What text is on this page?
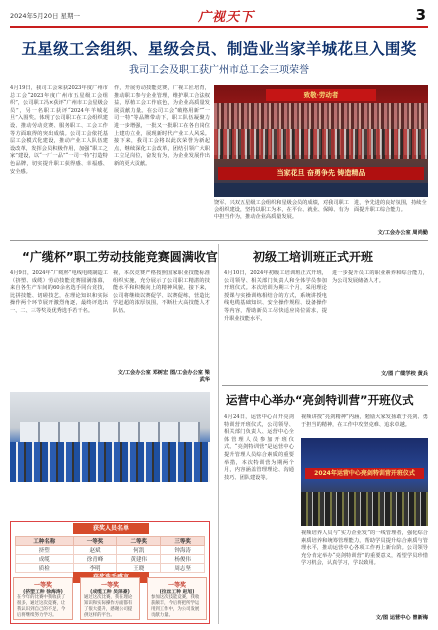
2024年5月20日 星期一	广视天下	3
五星级工会组织、星级会员、制造业当家羊城花旦入围奖
我司工会及职工获广州市总工会三项荣誉
4月19日，我司工会荣获2023年度广州市总工会“2023年度广州市五星级工会组织”，公司职工冯×获评“广州市工会星级会员”，另一名职工获评“2024年羊城花旦”入围奖。体现了公司职工在工会组织建设、推动劳动竞赛、服务职工、工会工作等方面取得的突出成绩。公司工会依托基层工会模式化建设，推动产业工人队伍建设改革，发挥会员积极作用，加强“职工之家”建设，以“一厂一品”“一司一特”打造特色品牌，切实提升职工获得感、幸福感、安全感。
作，开展劳动技能竞赛，广视工匠培育，推动职工参与企业管理，维护职工合法权益，厚植工会工作底色，为企业高质量发展贡献力量。在公司工会“破格用新”“一司一特”等品牌带动下，职工队伍凝聚力进一步增强，一批又一批职工在各自岗位上建功立业，展现新时代产业工人风采。接下来，我司工会将以此次荣誉为新起点，继续深化工会改革，团结引领广大职工立足岗位，奋发有为，为企业发展作出新的更大贡献。
致敬·劳动者
当家花旦 奋勇争先 铸造精品
饶军、兴双五星级工会组织和星级会员的成绩，对我司职工会组织建设，坚持以职工为本，在平台、就业、保障、有为中担当作为，推动企业高质量发展。
进，争先进的良好氛围，持续全面提升职工综合能力。
文/工会办公室 周尚勤
“广缆杯”职工劳动技能竞赛圆满收官
4月9日，2024年“广缆杯”电线电缆制造工（挤塑、成缆）劳动技能竞赛圆满落幕，来自各生产车间的60余名选手同台竞技，比拼技能、切磋技艺，在理论知识和实际操作两个环节展开激烈角逐，最终评选出一、二、三等奖及优秀选手若干名。
视，本次竞赛严格按照国家职业技能标准组织实施，充分展示了公司职工精湛的技能水平和积极向上的精神风貌。接下来，公司将继续以赛促学、以赛促练，营造比学赶超的浓厚氛围，不断壮大高技能人才队伍。
文/工会办公室 邓树宏 图/工会办公室 梁武华
获奖人员名单
工种名称	一等奖	二等奖	三等奖
挤塑	赵斌	何凯	钟海涛
成缆	徐青峰	黄建伟	杨俊伟
质检	李明	王晓	周志坚
一等奖
(挤塑工种 徐海涛)
在今年的比赛中我收获了很多，通过这次竞赛，让我认识到自己的不足，今后将继续努力学习。
一等奖
(成缆工种 吴泽豪)
通过这次比赛，我在理论知识和实际操作方面都有了很大提升，感谢公司提供这样的平台。
一等奖
(拉丝工种 赵旭)
参加这次技能竞赛，我收获颇丰，今后将把所学运用到工作中，为公司发展贡献力量。
初级工培训班正式开班
4月10日，2024年初级工培训班正式开班，公司领导、相关部门负责人和全体学员参加开班仪式。本次培训为期三个月，采用理论授课与实操训练相结合的方式，系统讲授电线电缆基础知识、安全操作规程、设备操作等内容，帮助新员工尽快适应岗位需求，提升职业技能水平。
进一步提升员工的职业素养和综合能力，为公司发展储备人才。
文/图 广缆学校 黄兵
运营中心举办“亮剑特训营”开班仪式
4月24日，运营中心召开亮剑特训营开班仪式，公司领导、相关部门负责人、运营中心全体管理人员参加开班仪式。“亮剑特训营”是运营中心提升管理人员综合素质的重要举措，本次特训营为期两个月，内容涵盖管理理论、沟通技巧、团队建设等。
视频讲授“亮剑精神”内涵，勉励大家发扬敢于亮剑、勇于担当的精神，在工作中攻坚克难、追求卓越。
2024年运营中心亮剑特训营开班仪式
视频培养人员与“实力企业发”的一线管理者，强化综合素质培养和统筹管理能力，帮助学员提升综合素质与管理水平，推动运营中心各项工作再上新台阶。公司领导充分肯定举办“亮剑特训营”的重要意义，希望学员珍惜学习机会，认真学习，学以致用。
文/图 运营中心 曾新梅
